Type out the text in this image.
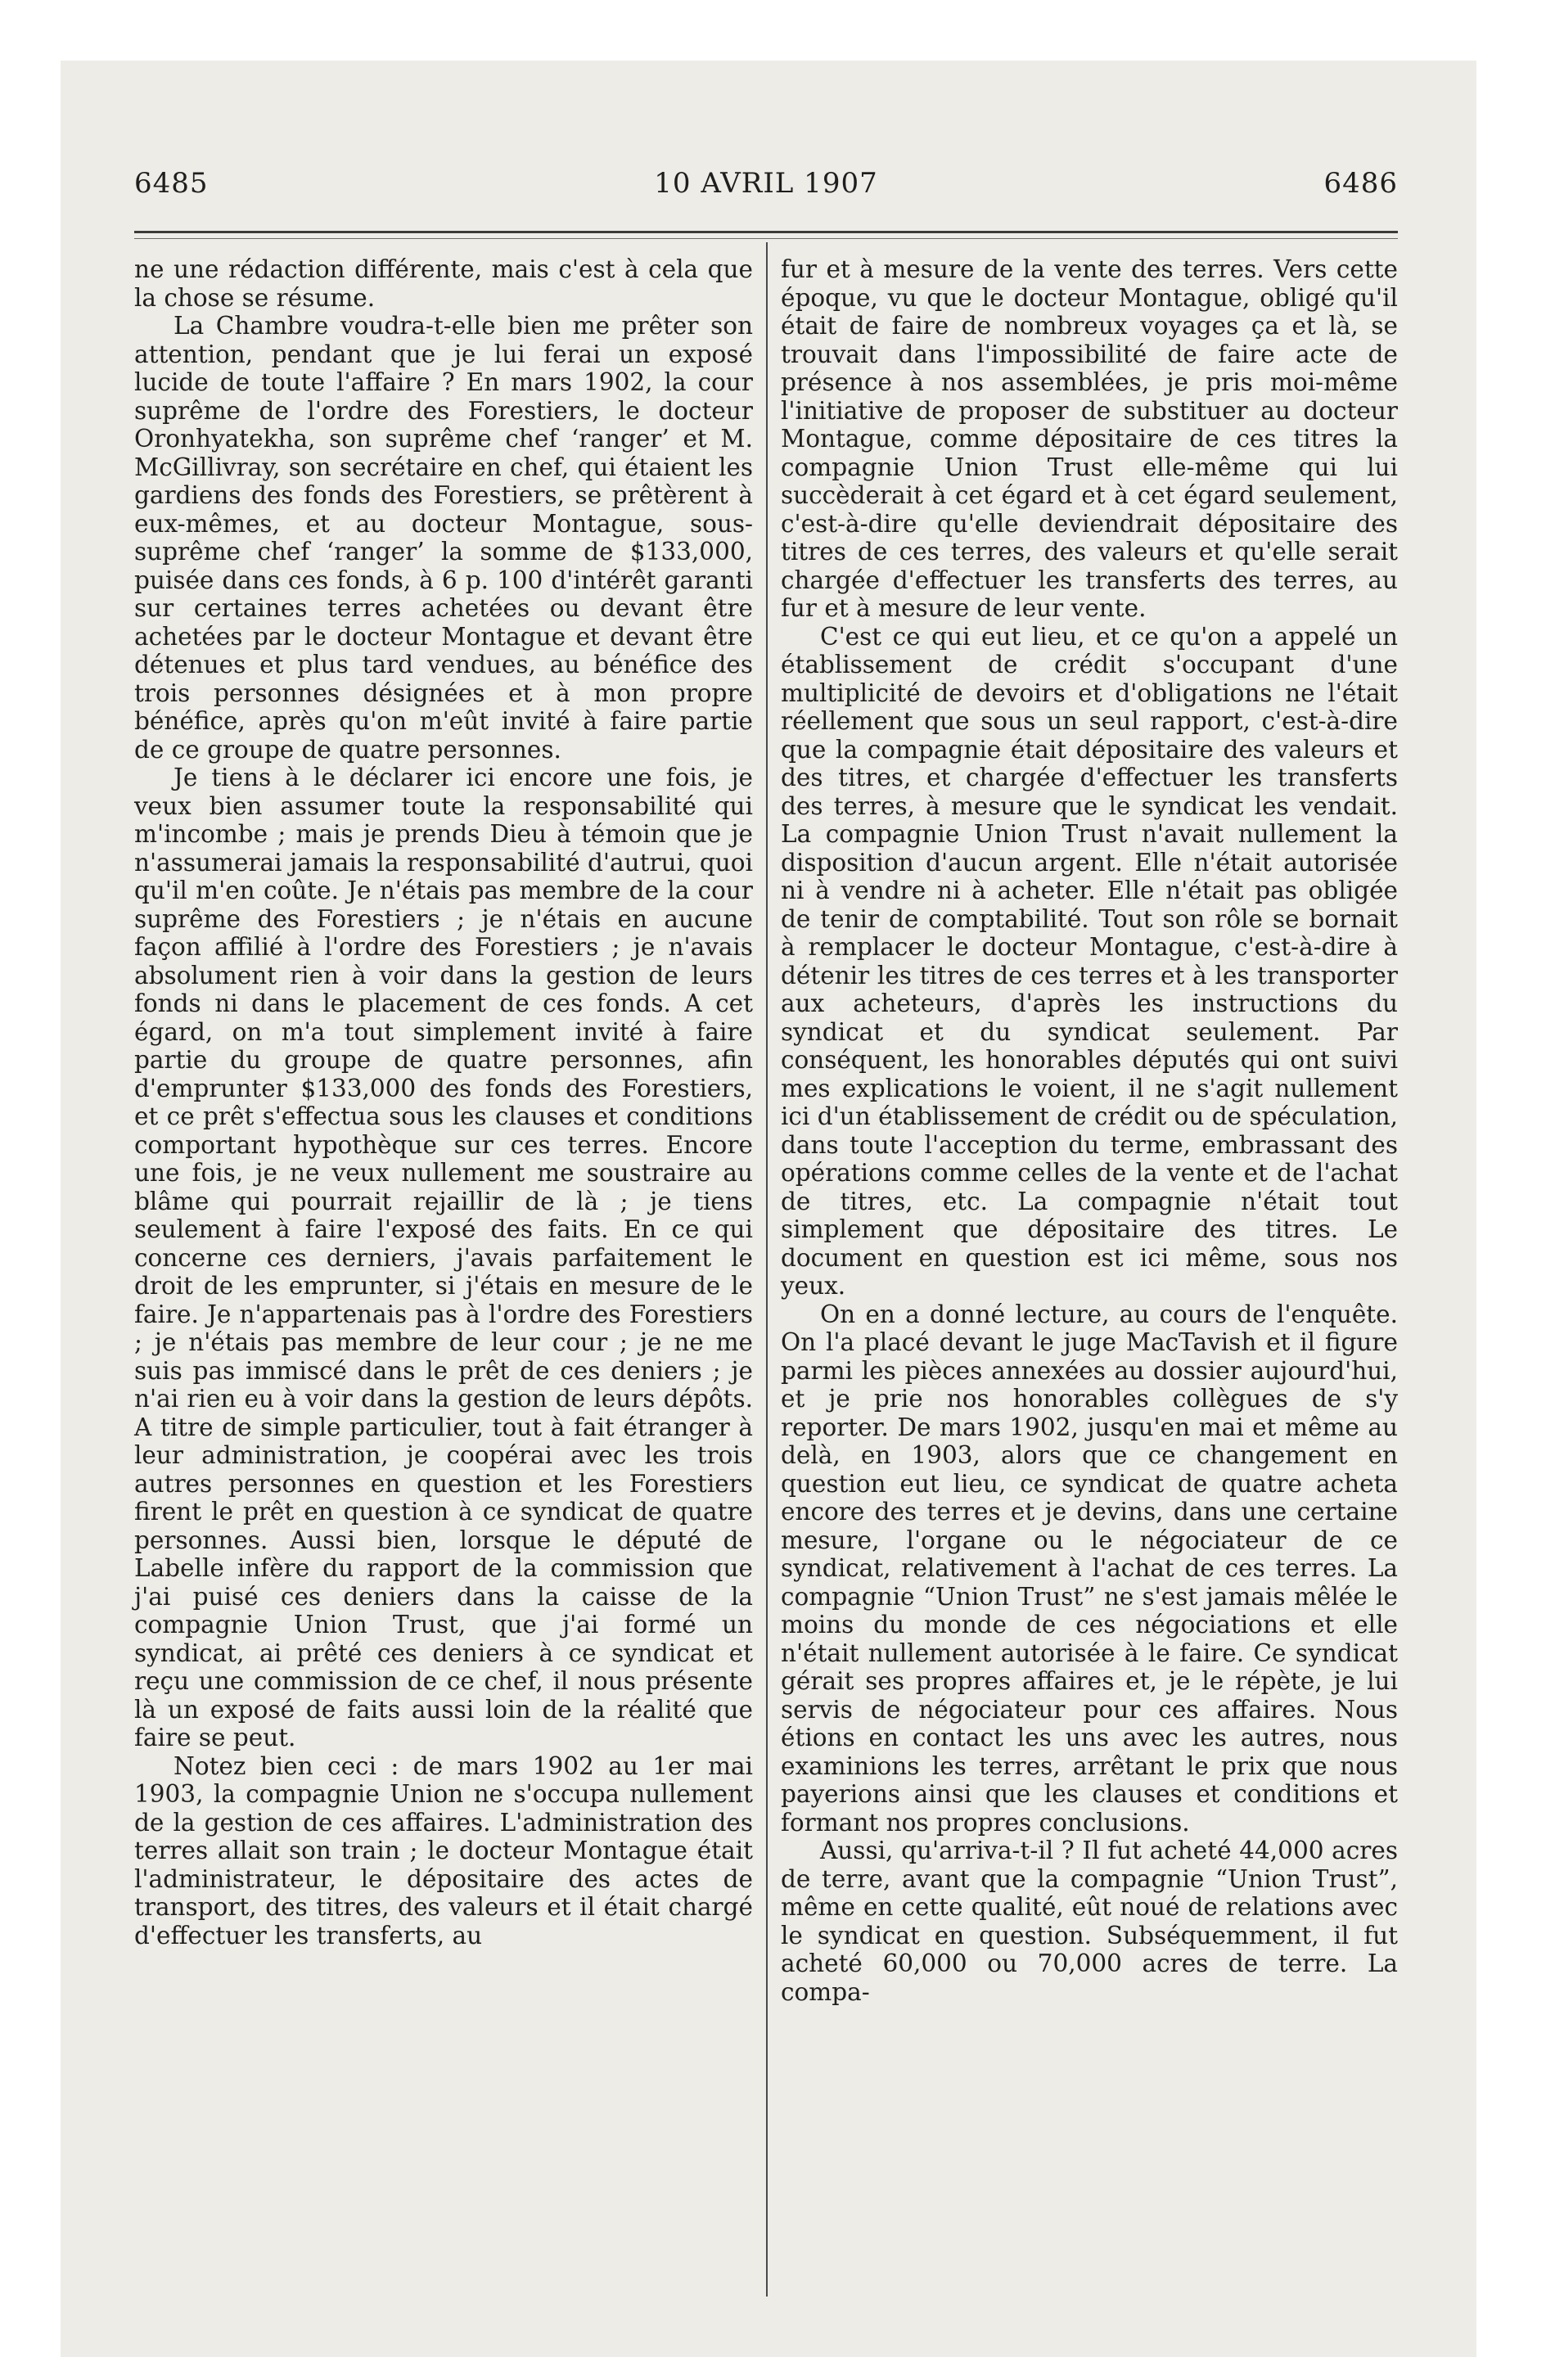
6485	10 AVRIL 1907	6486

ne une rédaction différente, mais c'est à cela que la chose se résume.

La Chambre voudra-t-elle bien me prêter son attention, pendant que je lui ferai un exposé lucide de toute l'affaire ? En mars 1902, la cour suprême de l'ordre des Forestiers, le docteur Oronhyatekha, son suprême chef ‘ranger’ et M. McGillivray, son secrétaire en chef, qui étaient les gardiens des fonds des Forestiers, se prêtèrent à eux-mêmes, et au docteur Montague, sous-suprême chef ‘ranger’ la somme de $133,000, puisée dans ces fonds, à 6 p. 100 d'intérêt garanti sur certaines terres achetées ou devant être achetées par le docteur Montague et devant être détenues et plus tard vendues, au bénéfice des trois personnes désignées et à mon propre bénéfice, après qu'on m'eût invité à faire partie de ce groupe de quatre personnes.

Je tiens à le déclarer ici encore une fois, je veux bien assumer toute la responsabilité qui m'incombe ; mais je prends Dieu à témoin que je n'assumerai jamais la responsabilité d'autrui, quoi qu'il m'en coûte. Je n'étais pas membre de la cour suprême des Forestiers ; je n'étais en aucune façon affilié à l'ordre des Forestiers ; je n'avais absolument rien à voir dans la gestion de leurs fonds ni dans le placement de ces fonds. A cet égard, on m'a tout simplement invité à faire partie du groupe de quatre personnes, afin d'emprunter $133,000 des fonds des Forestiers, et ce prêt s'effectua sous les clauses et conditions comportant hypothèque sur ces terres. Encore une fois, je ne veux nullement me soustraire au blâme qui pourrait rejaillir de là ; je tiens seulement à faire l'exposé des faits. En ce qui concerne ces derniers, j'avais parfaitement le droit de les emprunter, si j'étais en mesure de le faire. Je n'appartenais pas à l'ordre des Forestiers ; je n'étais pas membre de leur cour ; je ne me suis pas immiscé dans le prêt de ces deniers ; je n'ai rien eu à voir dans la gestion de leurs dépôts. A titre de simple particulier, tout à fait étranger à leur administration, je coopérai avec les trois autres personnes en question et les Forestiers firent le prêt en question à ce syndicat de quatre personnes. Aussi bien, lorsque le député de Labelle infère du rapport de la commission que j'ai puisé ces deniers dans la caisse de la compagnie Union Trust, que j'ai formé un syndicat, ai prêté ces deniers à ce syndicat et reçu une commission de ce chef, il nous présente là un exposé de faits aussi loin de la réalité que faire se peut.

Notez bien ceci : de mars 1902 au 1er mai 1903, la compagnie Union ne s'occupa nullement de la gestion de ces affaires. L'administration des terres allait son train ; le docteur Montague était l'administrateur, le dépositaire des actes de transport, des titres, des valeurs et il était chargé d'effectuer les transferts, au

fur et à mesure de la vente des terres. Vers cette époque, vu que le docteur Montague, obligé qu'il était de faire de nombreux voyages ça et là, se trouvait dans l'impossibilité de faire acte de présence à nos assemblées, je pris moi-même l'initiative de proposer de substituer au docteur Montague, comme dépositaire de ces titres la compagnie Union Trust elle-même qui lui succèderait à cet égard et à cet égard seulement, c'est-à-dire qu'elle deviendrait dépositaire des titres de ces terres, des valeurs et qu'elle serait chargée d'effectuer les transferts des terres, au fur et à mesure de leur vente.

C'est ce qui eut lieu, et ce qu'on a appelé un établissement de crédit s'occupant d'une multiplicité de devoirs et d'obligations ne l'était réellement que sous un seul rapport, c'est-à-dire que la compagnie était dépositaire des valeurs et des titres, et chargée d'effectuer les transferts des terres, à mesure que le syndicat les vendait. La compagnie Union Trust n'avait nullement la disposition d'aucun argent. Elle n'était autorisée ni à vendre ni à acheter. Elle n'était pas obligée de tenir de comptabilité. Tout son rôle se bornait à remplacer le docteur Montague, c'est-à-dire à détenir les titres de ces terres et à les transporter aux acheteurs, d'après les instructions du syndicat et du syndicat seulement. Par conséquent, les honorables députés qui ont suivi mes explications le voient, il ne s'agit nullement ici d'un établissement de crédit ou de spéculation, dans toute l'acception du terme, embrassant des opérations comme celles de la vente et de l'achat de titres, etc. La compagnie n'était tout simplement que dépositaire des titres. Le document en question est ici même, sous nos yeux.

On en a donné lecture, au cours de l'enquête. On l'a placé devant le juge MacTavish et il figure parmi les pièces annexées au dossier aujourd'hui, et je prie nos honorables collègues de s'y reporter. De mars 1902, jusqu'en mai et même au delà, en 1903, alors que ce changement en question eut lieu, ce syndicat de quatre acheta encore des terres et je devins, dans une certaine mesure, l'organe ou le négociateur de ce syndicat, relativement à l'achat de ces terres. La compagnie “Union Trust” ne s'est jamais mêlée le moins du monde de ces négociations et elle n'était nullement autorisée à le faire. Ce syndicat gérait ses propres affaires et, je le répète, je lui servis de négociateur pour ces affaires. Nous étions en contact les uns avec les autres, nous examinions les terres, arrêtant le prix que nous payerions ainsi que les clauses et conditions et formant nos propres conclusions.

Aussi, qu'arriva-t-il ? Il fut acheté 44,000 acres de terre, avant que la compagnie “Union Trust”, même en cette qualité, eût noué de relations avec le syndicat en question. Subséquemment, il fut acheté 60,000 ou 70,000 acres de terre. La compa-
